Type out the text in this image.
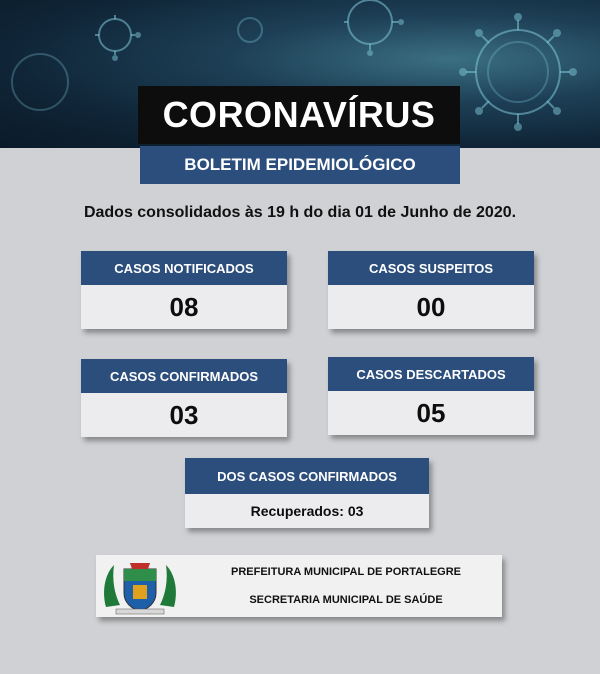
CORONAVÍRUS
BOLETIM EPIDEMIOLÓGICO
Dados consolidados às 19 h do dia 01 de Junho de 2020.
CASOS NOTIFICADOS
08
CASOS SUSPEITOS
00
CASOS CONFIRMADOS
03
CASOS DESCARTADOS
05
DOS CASOS CONFIRMADOS
Recuperados: 03
PREFEITURA MUNICIPAL DE PORTALEGRE
SECRETARIA MUNICIPAL DE SAÚDE
